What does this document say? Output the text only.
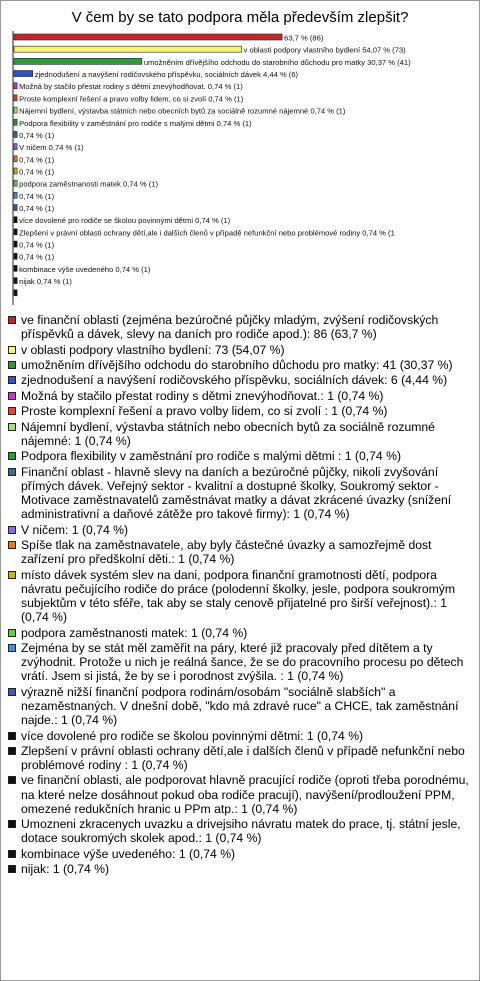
V čem by se tato podpora měla především zlepšit?
63,7 % (86)
v oblasti podpory vlastního bydlení 54,07 % (73)
umožněním dřívějšího odchodu do starobního důchodu pro matky 30,37 % (41)
zjednodušení a navýšení rodičovského příspěvku, sociálních dávek 4,44 % (6)
Možná by stačilo přestat rodiny s dětmi znevýhodňovat. 0,74 % (1)
Proste komplexní řešení a pravo volby lidem, co si zvolí 0,74 % (1)
Nájemní bydlení, výstavba státních nebo obecních bytů za sociálně rozumné nájemné 0,74 % (1)
Podpora flexibility v zaměstnání pro rodiče s malými dětmi 0,74 % (1)
0,74 % (1)
V ničem 0,74 % (1)
0,74 % (1)
0,74 % (1)
podpora zaměstnanosti matek 0,74 % (1)
0,74 % (1)
0,74 % (1)
více dovolené pro rodiče se školou povinnými dětmi 0,74 % (1)
Zlepšení v právní oblasti ochrany dětí,ale i dalších členů v případě nefunkční nebo problémové rodiny 0,74 % (1
0,74 % (1)
0,74 % (1)
kombinace výše uvedeného 0,74 % (1)
nijak 0,74 % (1)
ve finanční oblasti (zejména bezúročné půjčky mladým, zvýšení rodičovských příspěvků a dávek, slevy na daních pro rodiče apod.): 86 (63,7 %)
v oblasti podpory vlastního bydlení: 73 (54,07 %)
umožněním dřívějšího odchodu do starobního důchodu pro matky: 41 (30,37 %)
zjednodušení a navýšení rodičovského příspěvku, sociálních dávek: 6 (4,44 %)
Možná by stačilo přestat rodiny s dětmi znevýhodňovat.: 1 (0,74 %)
Proste komplexní řešení a pravo volby lidem, co si zvolí : 1 (0,74 %)
Nájemní bydlení, výstavba státních nebo obecních bytů za sociálně rozumné nájemné: 1 (0,74 %)
Podpora flexibility v zaměstnání pro rodiče s malými dětmi : 1 (0,74 %)
Finanční oblast - hlavně slevy na daních a bezúročné půjčky, nikoli zvyšování přímých dávek. Veřejný sektor - kvalitní a dostupné školky, Soukromý sektor - Motivace zaměstnavatelů zaměstnávat matky a dávat zkrácené úvazky (snížení administrativní a daňové zátěže pro takové firmy): 1 (0,74 %)
V ničem: 1 (0,74 %)
Spíše tlak na zaměstnavatele, aby byly částečné úvazky a samozřejmě dost zařízení pro předškolní děti.: 1 (0,74 %)
místo dávek systém slev na dani, podpora finanční gramotnosti dětí, podpora návratu pečujícího rodiče do práce (polodenní školky, jesle, podpora soukromým subjektům v této sféře, tak aby se staly cenově přijatelné pro širší veřejnost).: 1 (0,74 %)
podpora zaměstnanosti matek: 1 (0,74 %)
Zejména by se stát měl zaměřit na páry, které již pracovaly před dítětem a ty zvýhodnit. Protože u nich je reálná šance, že se do pracovního procesu po dětech vrátí. Jsem si jistá, že by se i porodnost zvýšila. : 1 (0,74 %)
výrazně nižší finanční podpora rodinám/osobám "sociálně slabších" a nezaměstnaných. V dnešní době, "kdo má zdravé ruce" a CHCE, tak zaměstnání najde.: 1 (0,74 %)
více dovolené pro rodiče se školou povinnými dětmi: 1 (0,74 %)
Zlepšení v právní oblasti ochrany dětí,ale i dalších členů v případě nefunkční nebo problémové rodiny : 1 (0,74 %)
ve finanční oblasti, ale podporovat hlavně pracující rodiče (oproti třeba porodnému, na které nelze dosáhnout pokud oba rodiče pracují), navýšení/prodloužení PPM, omezené redukčních hranic u PPm atp.: 1 (0,74 %)
Umozneni zkracenych uvazku a drivejsiho návratu matek do prace, tj. státní jesle, dotace soukromých skolek apod.: 1 (0,74 %)
kombinace výše uvedeného: 1 (0,74 %)
nijak: 1 (0,74 %)
